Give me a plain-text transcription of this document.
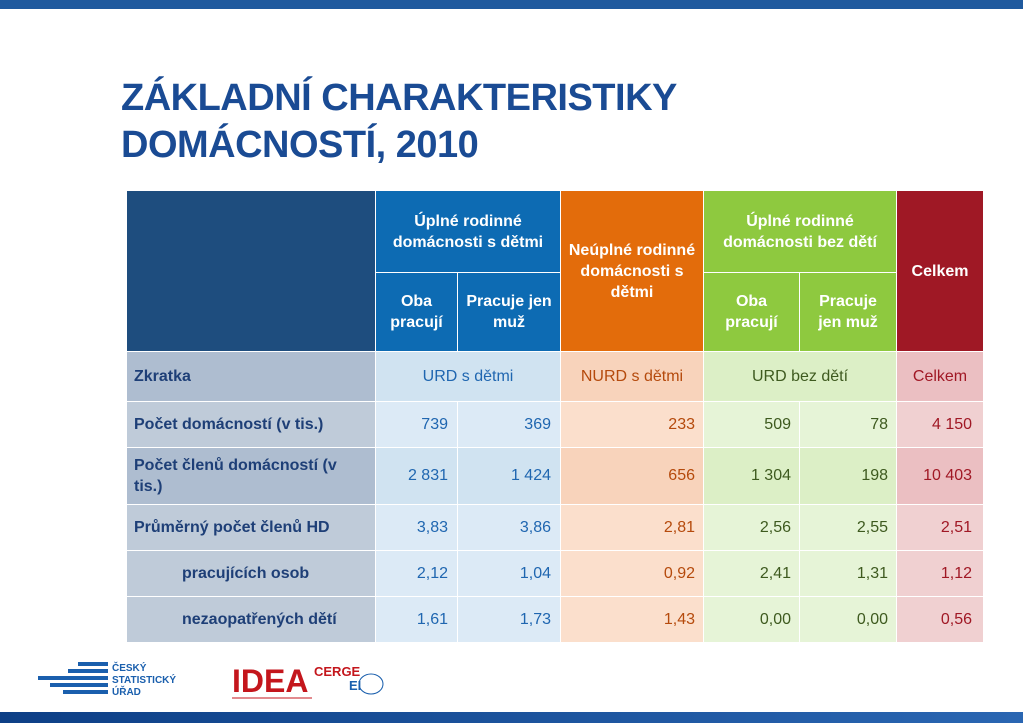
ZÁKLADNÍ CHARAKTERISTIKY
DOMÁCNOSTÍ, 2010
	Úplné rodinné domácnosti s dětmi		Neúplné rodinné domácnosti s dětmi	Úplné rodinné domácnosti bez dětí		Celkem
	Oba pracují	Pracuje jen muž		Oba pracují	Pracuje jen muž	
Zkratka	URD s dětmi		NURD s dětmi	URD bez dětí		Celkem
Počet domácností (v tis.)	739	369	233	509	78	4 150
Počet členů domácností (v tis.)	2 831	1 424	656	1 304	198	10 403
Průměrný počet členů HD	3,83	3,86	2,81	2,56	2,55	2,51
pracujících osob	2,12	1,04	0,92	2,41	1,31	1,12
nezaopatřených dětí	1,61	1,73	1,43	0,00	0,00	0,56
ČESKÝ
STATISTICKÝ
ÚŘAD	IDEA CERGE
EI
